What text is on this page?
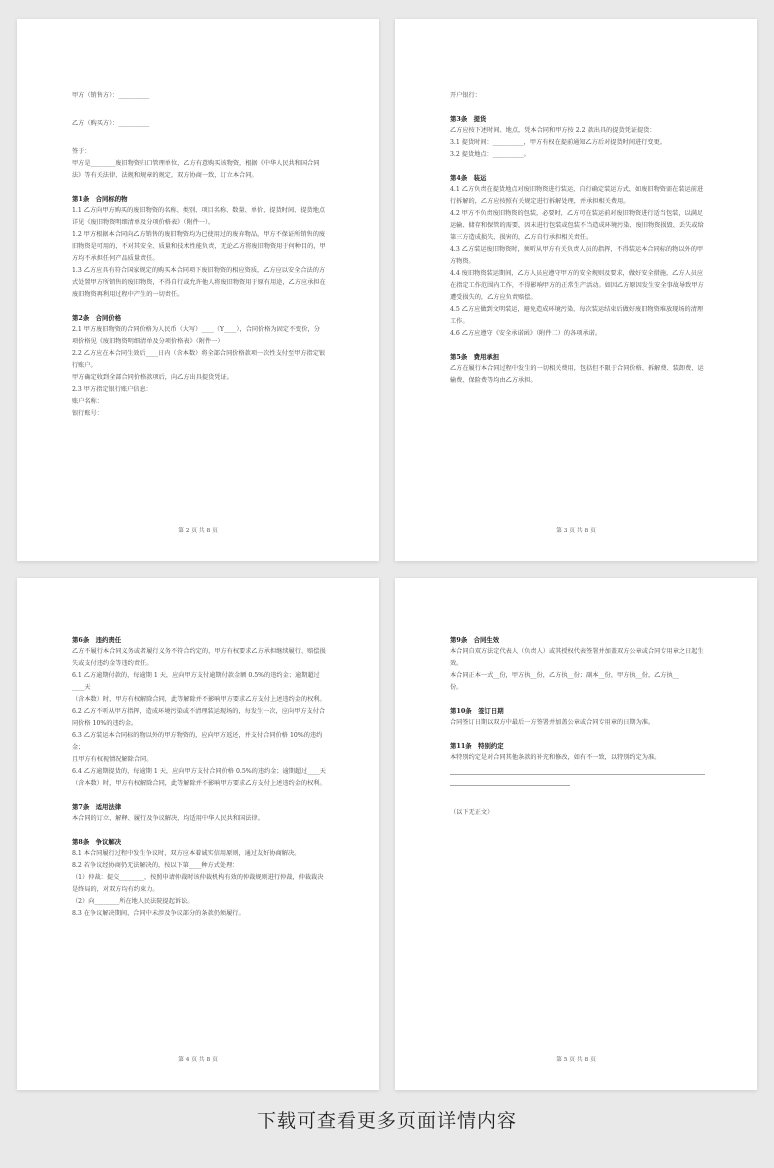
甲方（销售方）：__________

乙方（购买方）：__________

签于：

甲方是________废旧物资归口管理单位，乙方有意购买该物资，根据《中华人民共和国合同

法》等有关法律、法规和规章的规定，双方协商一致，订立本合同。

第1条　合同标的物

1.1 乙方向甲方购买的废旧物资的名称、类别、项目名称、数量、单价、提货时间、提货地点

详见《废旧物资明细清单及分项价格表》（附件一）。

1.2 甲方根据本合同向乙方销售的废旧物资均为已使用过的废弃物品，甲方不保证所销售的废

旧物资是可用的，不对其安全、质量和技术性能负责，无论乙方将废旧物资用于何种目的，甲

方均不承担任何产品质量责任。

1.3 乙方应具有符合国家规定的购买本合同项下废旧物资的相应资质，乙方应以安全合法的方

式处置甲方所销售的废旧物资，不得自行或允许他人将废旧物资用于原有用途，乙方应承担在

废旧物资再利用过程中产生的一切责任。

第2条　合同价格

2.1 甲方废旧物资的合同价格为人民币（大写）____（Y____），合同价格为固定不变价，分

项价格见《废旧物资明细清单及分项价格表》（附件一）

2.2 乙方应在本合同生效后____日内（含本数）将全部合同价格款项一次性支付至甲方指定银

行账户。

甲方确定收到全部合同价格款项后，向乙方出具提货凭证。

2.3 甲方指定银行账户信息：

账户名称：

银行账号：

第 2 页 共 8 页

开户银行：

第3条　提货

乙方应按下述时间、地点，凭本合同和甲方按 2.2 款出具的提货凭证提货：

3.1 提货时间：__________，甲方有权在提前通知乙方后对提货时间进行变更。

3.2 提货地点：__________。

第4条　装运

4.1 乙方负责在提货地点对废旧物资进行装运，自行确定装运方式，如废旧物资需在装运前进

行拆解的，乙方应按照有关规定进行拆解处理，并承担相关费用。

4.2 甲方不负责废旧物资的包装，必要时，乙方可在装运前对废旧物资进行适当包装，以满足

运输、储存和保管的需要，因未进行包装或包装不当造成环境污染、废旧物资损毁、丢失或给

第三方造成损失、损害的，乙方自行承担相关责任。

4.3 乙方装运废旧物资时，须听从甲方有关负责人员的指挥，不得装运本合同标的物以外的甲

方物资。

4.4 废旧物资装运期间，乙方人员应遵守甲方的安全规则及要求，做好安全措施，乙方人员应

在指定工作范围内工作，不得影响甲方的正常生产活动。如因乙方原因发生安全事故导致甲方

遭受损失的，乙方应负责赔偿。

4.5 乙方应做到文明装运，避免造成环境污染，每次装运结束后做好废旧物资堆放现场的清理

工作。

4.6 乙方应遵守《安全承诺函》（附件二）的各项承诺。

第5条　费用承担

乙方在履行本合同过程中发生的一切相关费用，包括但不限于合同价格、拆解费、装卸费、运

输费、保险费等均由乙方承担。

第 3 页 共 8 页

第6条　违约责任

乙方不履行本合同义务或者履行义务不符合约定的，甲方有权要求乙方承担继续履行、赔偿损

失或支付违约金等违约责任。

6.1 乙方逾期付款的，每逾期 1 天，应向甲方支付逾期付款金额 0.5%的违约金；逾期超过____天

（含本数）时，甲方有权解除合同，此等解除并不影响甲方要求乙方支付上述违约金的权利。

6.2 乙方不听从甲方指挥，造成环境污染或不清理装运现场的，每发生一次，应向甲方支付合

同价格 10%的违约金。

6.3 乙方装运本合同标的物以外的甲方物资的，应向甲方返还，并支付合同价格 10%的违约金；

且甲方有权视情况解除合同。

6.4 乙方逾期提货的，每逾期 1 天，应向甲方支付合同价格 0.5%的违约金；逾期超过____天

（含本数）时，甲方有权解除合同，此等解除并不影响甲方要求乙方支付上述违约金的权利。

第7条　适用法律

本合同的订立、解释、履行及争议解决，均适用中华人民共和国法律。

第8条　争议解决

8.1 本合同履行过程中发生争议时，双方应本着诚实信用原则，通过友好协商解决。

8.2 若争议经协商仍无法解决的，按以下第____种方式处理：

（1）仲裁：提交________，按照申请仲裁时该仲裁机构有效的仲裁规则进行仲裁，仲裁裁决

是终局的，对双方均有约束力。

（2）向________所在地人民法院提起诉讼。

8.3 在争议解决期间，合同中未涉及争议部分的条款仍须履行。

第 4 页 共 8 页

第9条　合同生效

本合同自双方法定代表人（负责人）或其授权代表签署并加盖双方公章或合同专用章之日起生

效。

本合同正本一式__份，甲方执__份，乙方执__份；副本__份，甲方执__份，乙方执__

份。

第10条　签订日期

合同签订日期以双方中最后一方签署并加盖公章或合同专用章的日期为准。

第11条　特别约定

本特别约定是对合同其他条款的补充和修改，如有不一致，以特别约定为准。

（以下无正文）

第 5 页 共 8 页
下载可查看更多页面详情内容
